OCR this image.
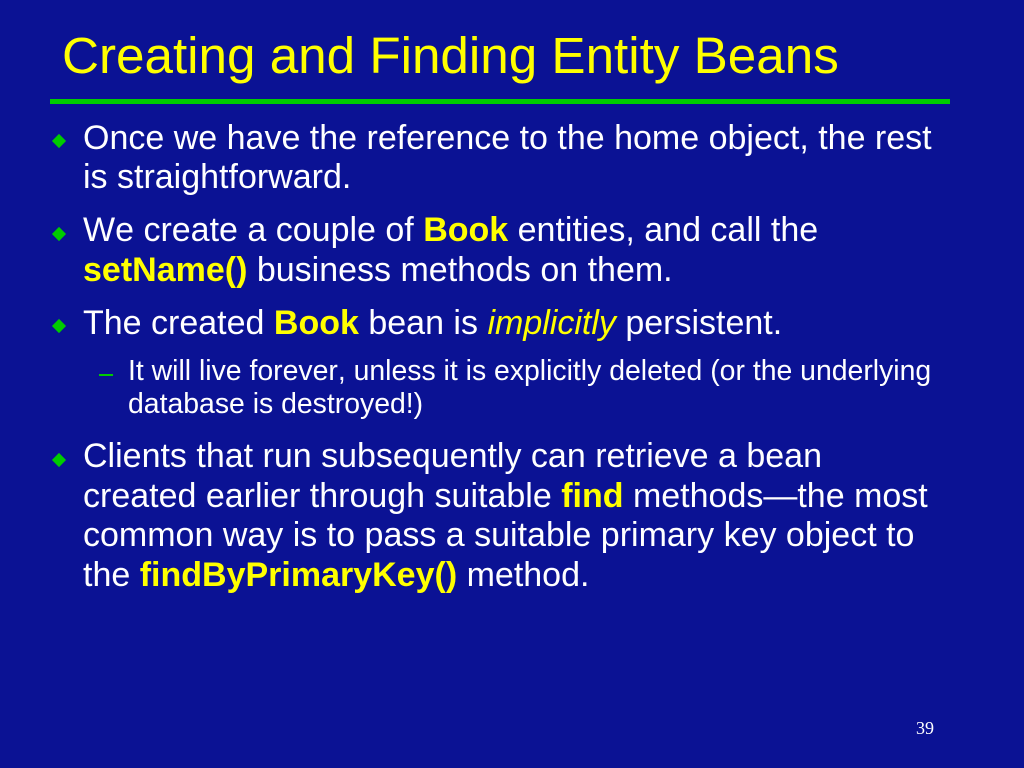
Creating and Finding Entity Beans
Once we have the reference to the home object, the rest is straightforward.
We create a couple of Book entities, and call the setName() business methods on them.
The created Book bean is implicitly persistent.
It will live forever, unless it is explicitly deleted (or the underlying database is destroyed!)
Clients that run subsequently can retrieve a bean created earlier through suitable find methods—the most common way is to pass a suitable primary key object to the findByPrimaryKey() method.
39
